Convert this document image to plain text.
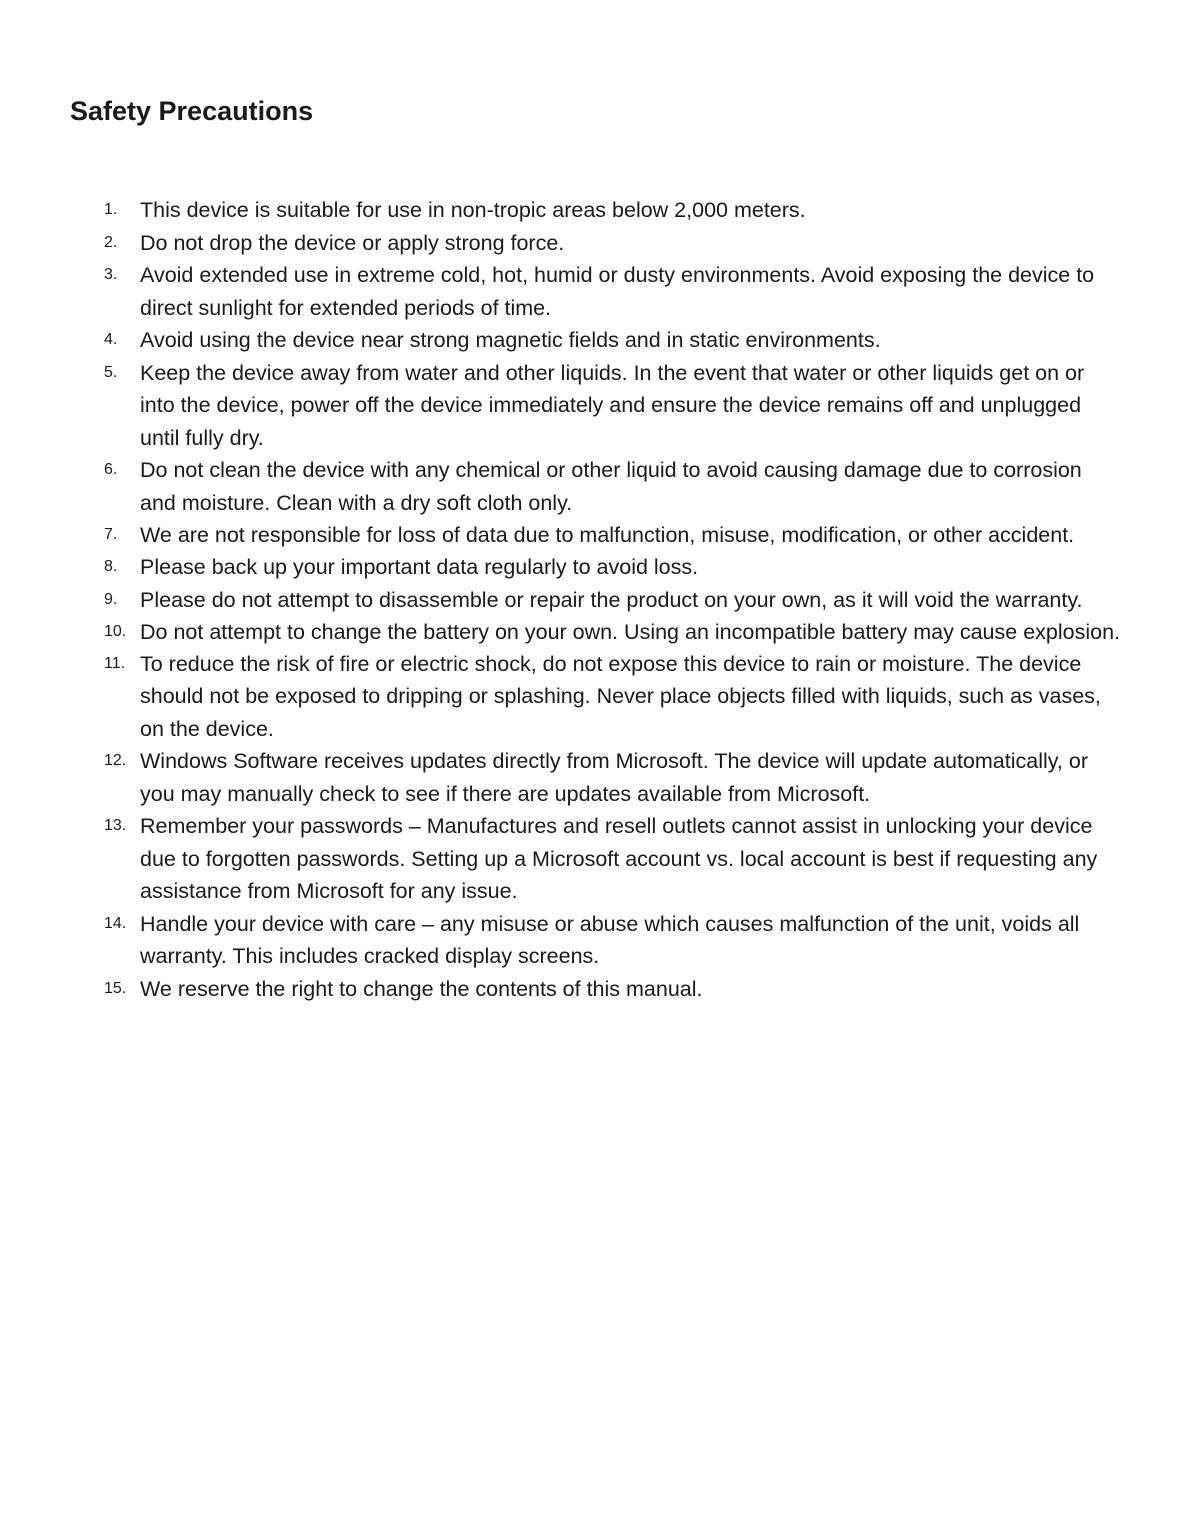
Safety Precautions
1. This device is suitable for use in non-tropic areas below 2,000 meters.
2. Do not drop the device or apply strong force.
3. Avoid extended use in extreme cold, hot, humid or dusty environments. Avoid exposing the device to direct sunlight for extended periods of time.
4. Avoid using the device near strong magnetic fields and in static environments.
5. Keep the device away from water and other liquids. In the event that water or other liquids get on or into the device, power off the device immediately and ensure the device remains off and unplugged until fully dry.
6. Do not clean the device with any chemical or other liquid to avoid causing damage due to corrosion and moisture. Clean with a dry soft cloth only.
7. We are not responsible for loss of data due to malfunction, misuse, modification, or other accident.
8. Please back up your important data regularly to avoid loss.
9. Please do not attempt to disassemble or repair the product on your own, as it will void the warranty.
10. Do not attempt to change the battery on your own. Using an incompatible battery may cause explosion.
11. To reduce the risk of fire or electric shock, do not expose this device to rain or moisture. The device should not be exposed to dripping or splashing. Never place objects filled with liquids, such as vases, on the device.
12. Windows Software receives updates directly from Microsoft. The device will update automatically, or you may manually check to see if there are updates available from Microsoft.
13. Remember your passwords – Manufactures and resell outlets cannot assist in unlocking your device due to forgotten passwords. Setting up a Microsoft account vs. local account is best if requesting any assistance from Microsoft for any issue.
14. Handle your device with care – any misuse or abuse which causes malfunction of the unit, voids all warranty. This includes cracked display screens.
15. We reserve the right to change the contents of this manual.
